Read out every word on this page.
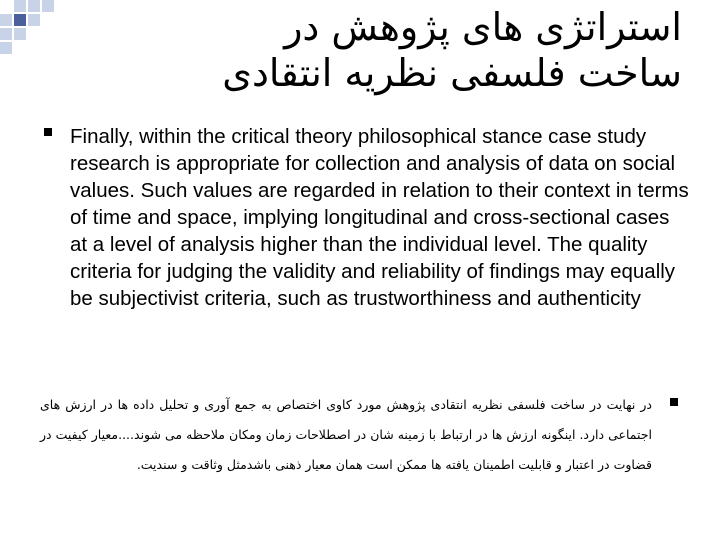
استراتژی های پژوهش در
ساخت فلسفی نظریه انتقادی

Finally, within the critical theory philosophical stance case study research is appropriate for collection and analysis of data on social values. Such values are regarded in relation to their context in terms of time and space, implying longitudinal and cross-sectional cases at a level of analysis higher than the individual level. The quality criteria for judging the validity and reliability of findings may equally be subjectivist criteria, such as trustworthiness and authenticity

در نهایت در ساخت فلسفی نظریه انتقادی پژوهش مورد کاوی اختصاص به جمع آوری و تحلیل داده ها در ارزش های اجتماعی دارد. اینگونه ارزش ها در ارتباط با زمینه شان در اصطلاحات زمان ومکان ملاحظه می شوند....معیار کیفیت در قضاوت در اعتبار و قابلیت اطمینان یافته ها ممکن است همان معیار ذهنی باشدمثل وثاقت و سندیت.
